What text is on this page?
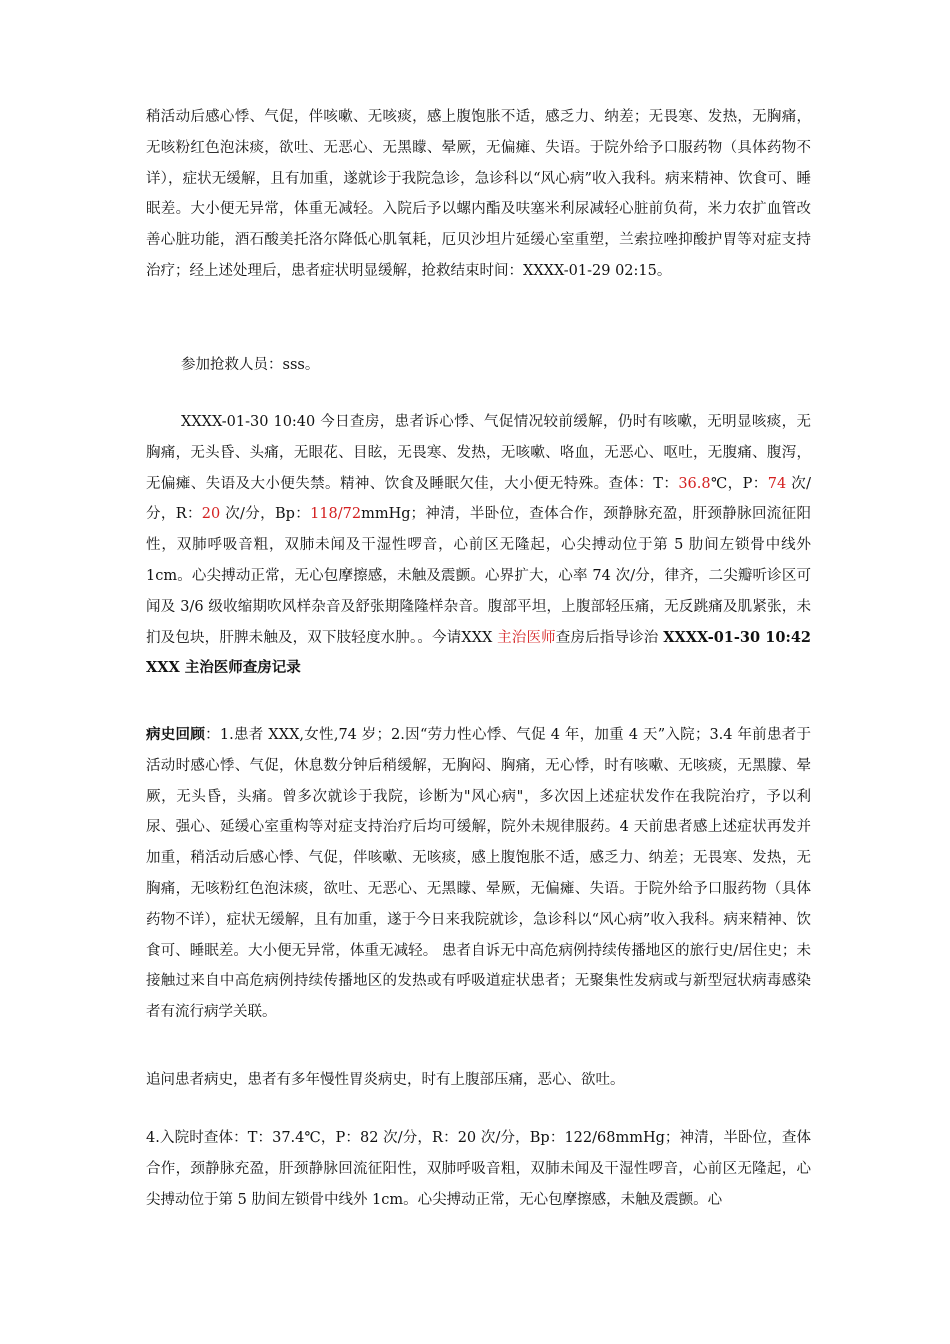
稍活动后感心悸、气促，伴咳嗽、无咳痰，感上腹饱胀不适，感乏力、纳差；无畏寒、发热，无胸痛，无咳粉红色泡沫痰，欲吐、无恶心、无黑矇、晕厥，无偏瘫、失语。于院外给予口服药物（具体药物不详），症状无缓解，且有加重，遂就诊于我院急诊，急诊科以“风心病”收入我科。病来精神、饮食可、睡眠差。大小便无异常，体重无减轻。入院后予以螺内酯及呋塞米利尿减轻心脏前负荷，米力农扩血管改善心脏功能，酒石酸美托洛尔降低心肌氧耗，厄贝沙坦片延缓心室重塑，兰索拉唑抑酸护胃等对症支持治疗；经上述处理后，患者症状明显缓解，抢救结束时间：XXXX-01-29 02:15。

参加抢救人员：sss。

XXXX-01-30 10:40 今日查房，患者诉心悸、气促情况较前缓解，仍时有咳嗽，无明显咳痰，无胸痛，无头昏、头痛，无眼花、目眩，无畏寒、发热，无咳嗽、咯血，无恶心、呕吐，无腹痛、腹泻，无偏瘫、失语及大小便失禁。精神、饮食及睡眠欠佳，大小便无特殊。查体：T：36.8℃，P：74 次/分，R：20 次/分，Bp：118/72mmHg；神清，半卧位，查体合作，颈静脉充盈，肝颈静脉回流征阳性，双肺呼吸音粗，双肺未闻及干湿性啰音，心前区无隆起，心尖搏动位于第 5 肋间左锁骨中线外 1cm。心尖搏动正常，无心包摩擦感，未触及震颤。心界扩大，心率 74 次/分，律齐，二尖瓣听诊区可闻及 3/6 级收缩期吹风样杂音及舒张期隆隆样杂音。腹部平坦，上腹部轻压痛，无反跳痛及肌紧张，未扪及包块，肝脾未触及，双下肢轻度水肿。。今请XXX 主治医师查房后指导诊治 XXXX-01-30 10:42 XXX 主治医师查房记录

病史回顾：1.患者 XXX,女性,74 岁；2.因“劳力性心悸、气促 4 年，加重 4 天”入院；3.4 年前患者于活动时感心悸、气促，休息数分钟后稍缓解，无胸闷、胸痛，无心悸，时有咳嗽、无咳痰，无黑朦、晕厥，无头昏，头痛。曾多次就诊于我院，诊断为"风心病"，多次因上述症状发作在我院治疗，予以利尿、强心、延缓心室重构等对症支持治疗后均可缓解，院外未规律服药。4 天前患者感上述症状再发并加重，稍活动后感心悸、气促，伴咳嗽、无咳痰，感上腹饱胀不适，感乏力、纳差；无畏寒、发热，无胸痛，无咳粉红色泡沫痰，欲吐、无恶心、无黑矇、晕厥，无偏瘫、失语。于院外给予口服药物（具体药物不详），症状无缓解，且有加重，遂于今日来我院就诊，急诊科以“风心病”收入我科。病来精神、饮食可、睡眠差。大小便无异常，体重无减轻。 患者自诉无中高危病例持续传播地区的旅行史/居住史；未接触过来自中高危病例持续传播地区的发热或有呼吸道症状患者；无聚集性发病或与新型冠状病毒感染者有流行病学关联。

追问患者病史，患者有多年慢性胃炎病史，时有上腹部压痛，恶心、欲吐。

4.入院时查体：T：37.4℃，P：82 次/分，R：20 次/分，Bp：122/68mmHg；神清，半卧位，查体合作，颈静脉充盈，肝颈静脉回流征阳性，双肺呼吸音粗，双肺未闻及干湿性啰音，心前区无隆起，心尖搏动位于第 5 肋间左锁骨中线外 1cm。心尖搏动正常，无心包摩擦感，未触及震颤。心
